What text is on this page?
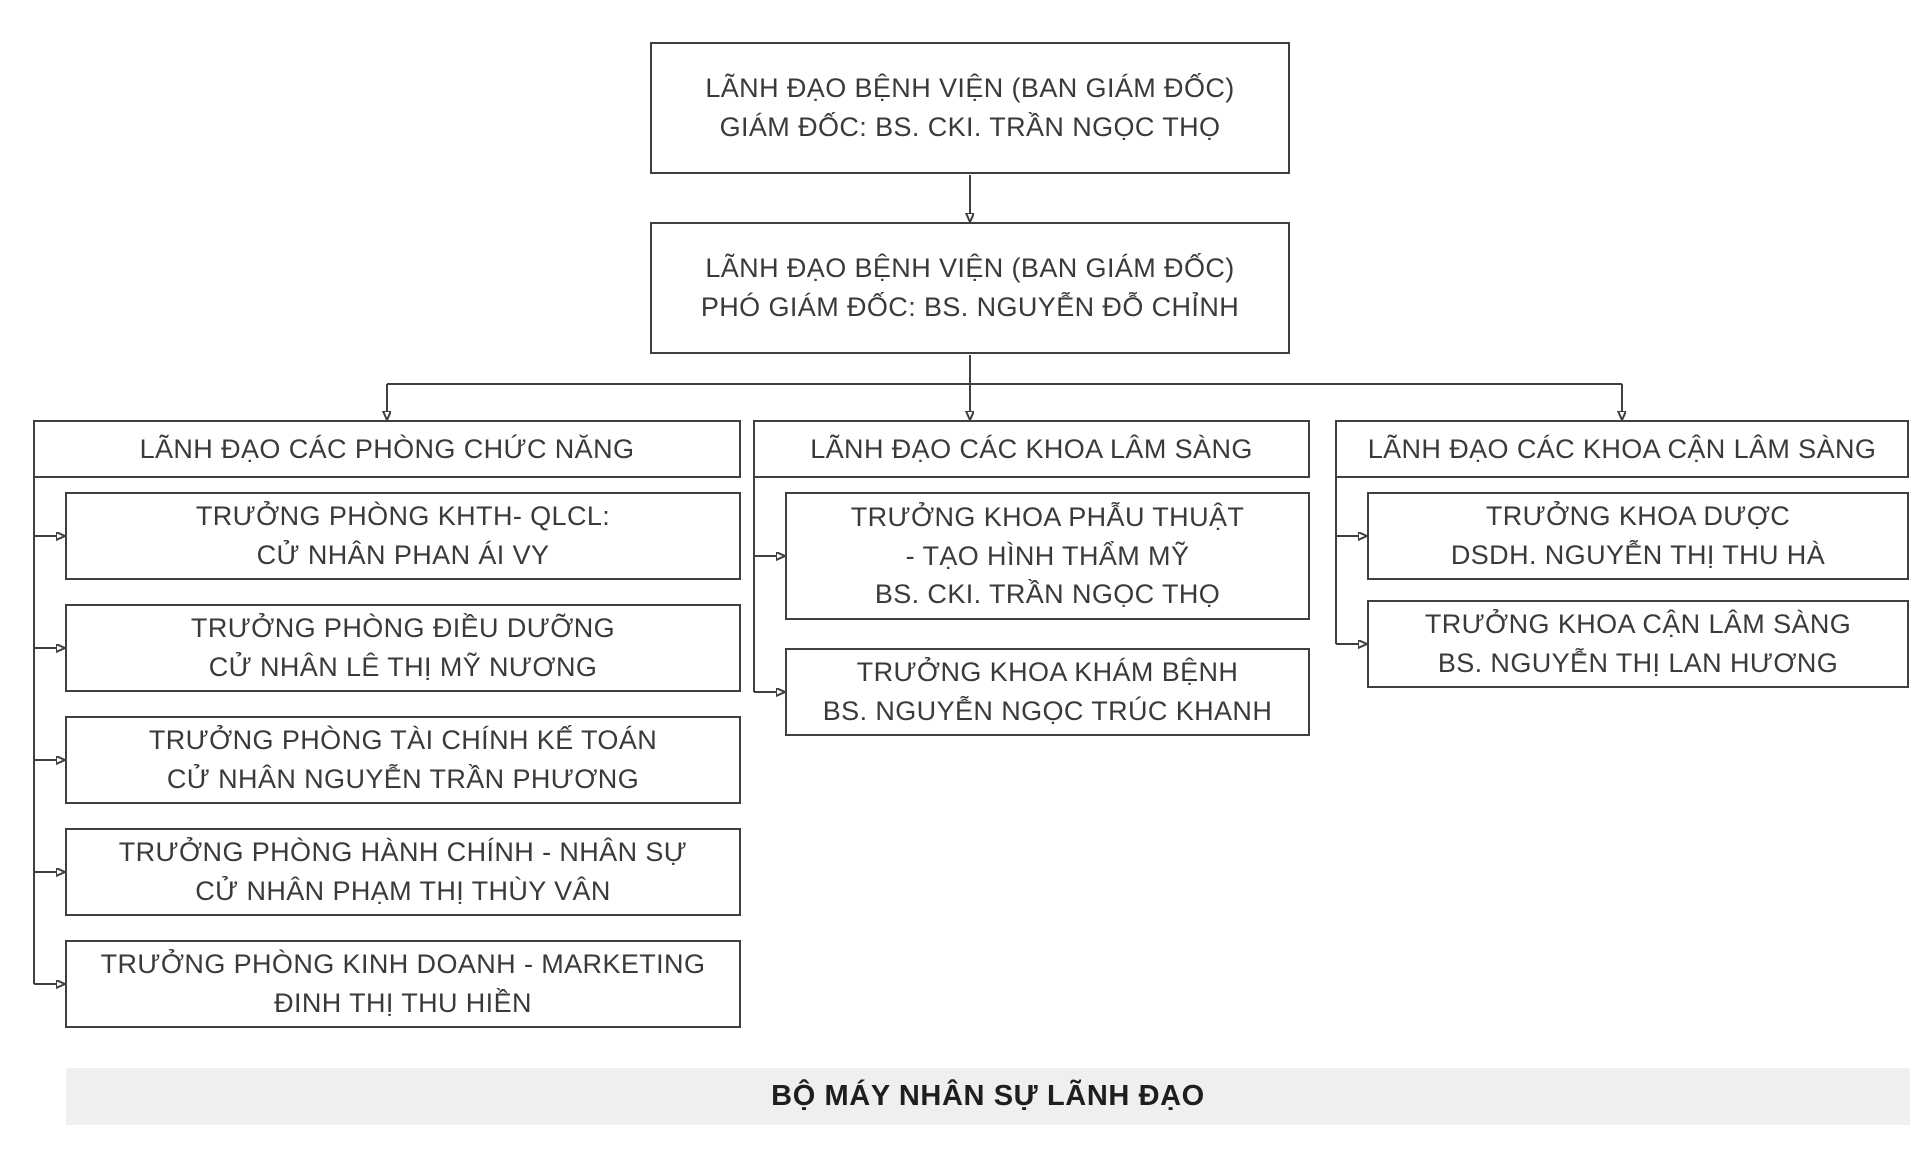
LÃNH ĐẠO BỆNH VIỆN (BAN GIÁM ĐỐC)
GIÁM ĐỐC: BS. CKI. TRẦN NGỌC THỌ
LÃNH ĐẠO BỆNH VIỆN (BAN GIÁM ĐỐC)
PHÓ GIÁM ĐỐC: BS. NGUYỄN ĐỖ CHỈNH
LÃNH ĐẠO CÁC PHÒNG CHỨC NĂNG
TRƯỞNG PHÒNG KHTH- QLCL:
CỬ NHÂN PHAN ÁI VY
TRƯỞNG PHÒNG ĐIỀU DƯỠNG
CỬ NHÂN LÊ THỊ MỸ NƯƠNG
TRƯỞNG PHÒNG TÀI CHÍNH KẾ TOÁN
CỬ NHÂN NGUYỄN TRẦN PHƯƠNG
TRƯỞNG PHÒNG HÀNH CHÍNH - NHÂN SỰ
CỬ NHÂN PHẠM THỊ THÙY VÂN
TRƯỞNG PHÒNG KINH DOANH - MARKETING
ĐINH THỊ THU HIỀN
LÃNH ĐẠO CÁC KHOA LÂM SÀNG
TRƯỞNG KHOA PHẪU THUẬT
- TẠO HÌNH THẨM MỸ
BS. CKI. TRẦN NGỌC THỌ
TRƯỞNG KHOA KHÁM BỆNH
BS. NGUYỄN NGỌC TRÚC KHANH
LÃNH ĐẠO CÁC KHOA CẬN LÂM SÀNG
TRƯỞNG KHOA DƯỢC
DSDH. NGUYỄN THỊ THU HÀ
TRƯỞNG KHOA CẬN LÂM SÀNG
BS. NGUYỄN THỊ LAN HƯƠNG
BỘ MÁY NHÂN SỰ LÃNH ĐẠO
